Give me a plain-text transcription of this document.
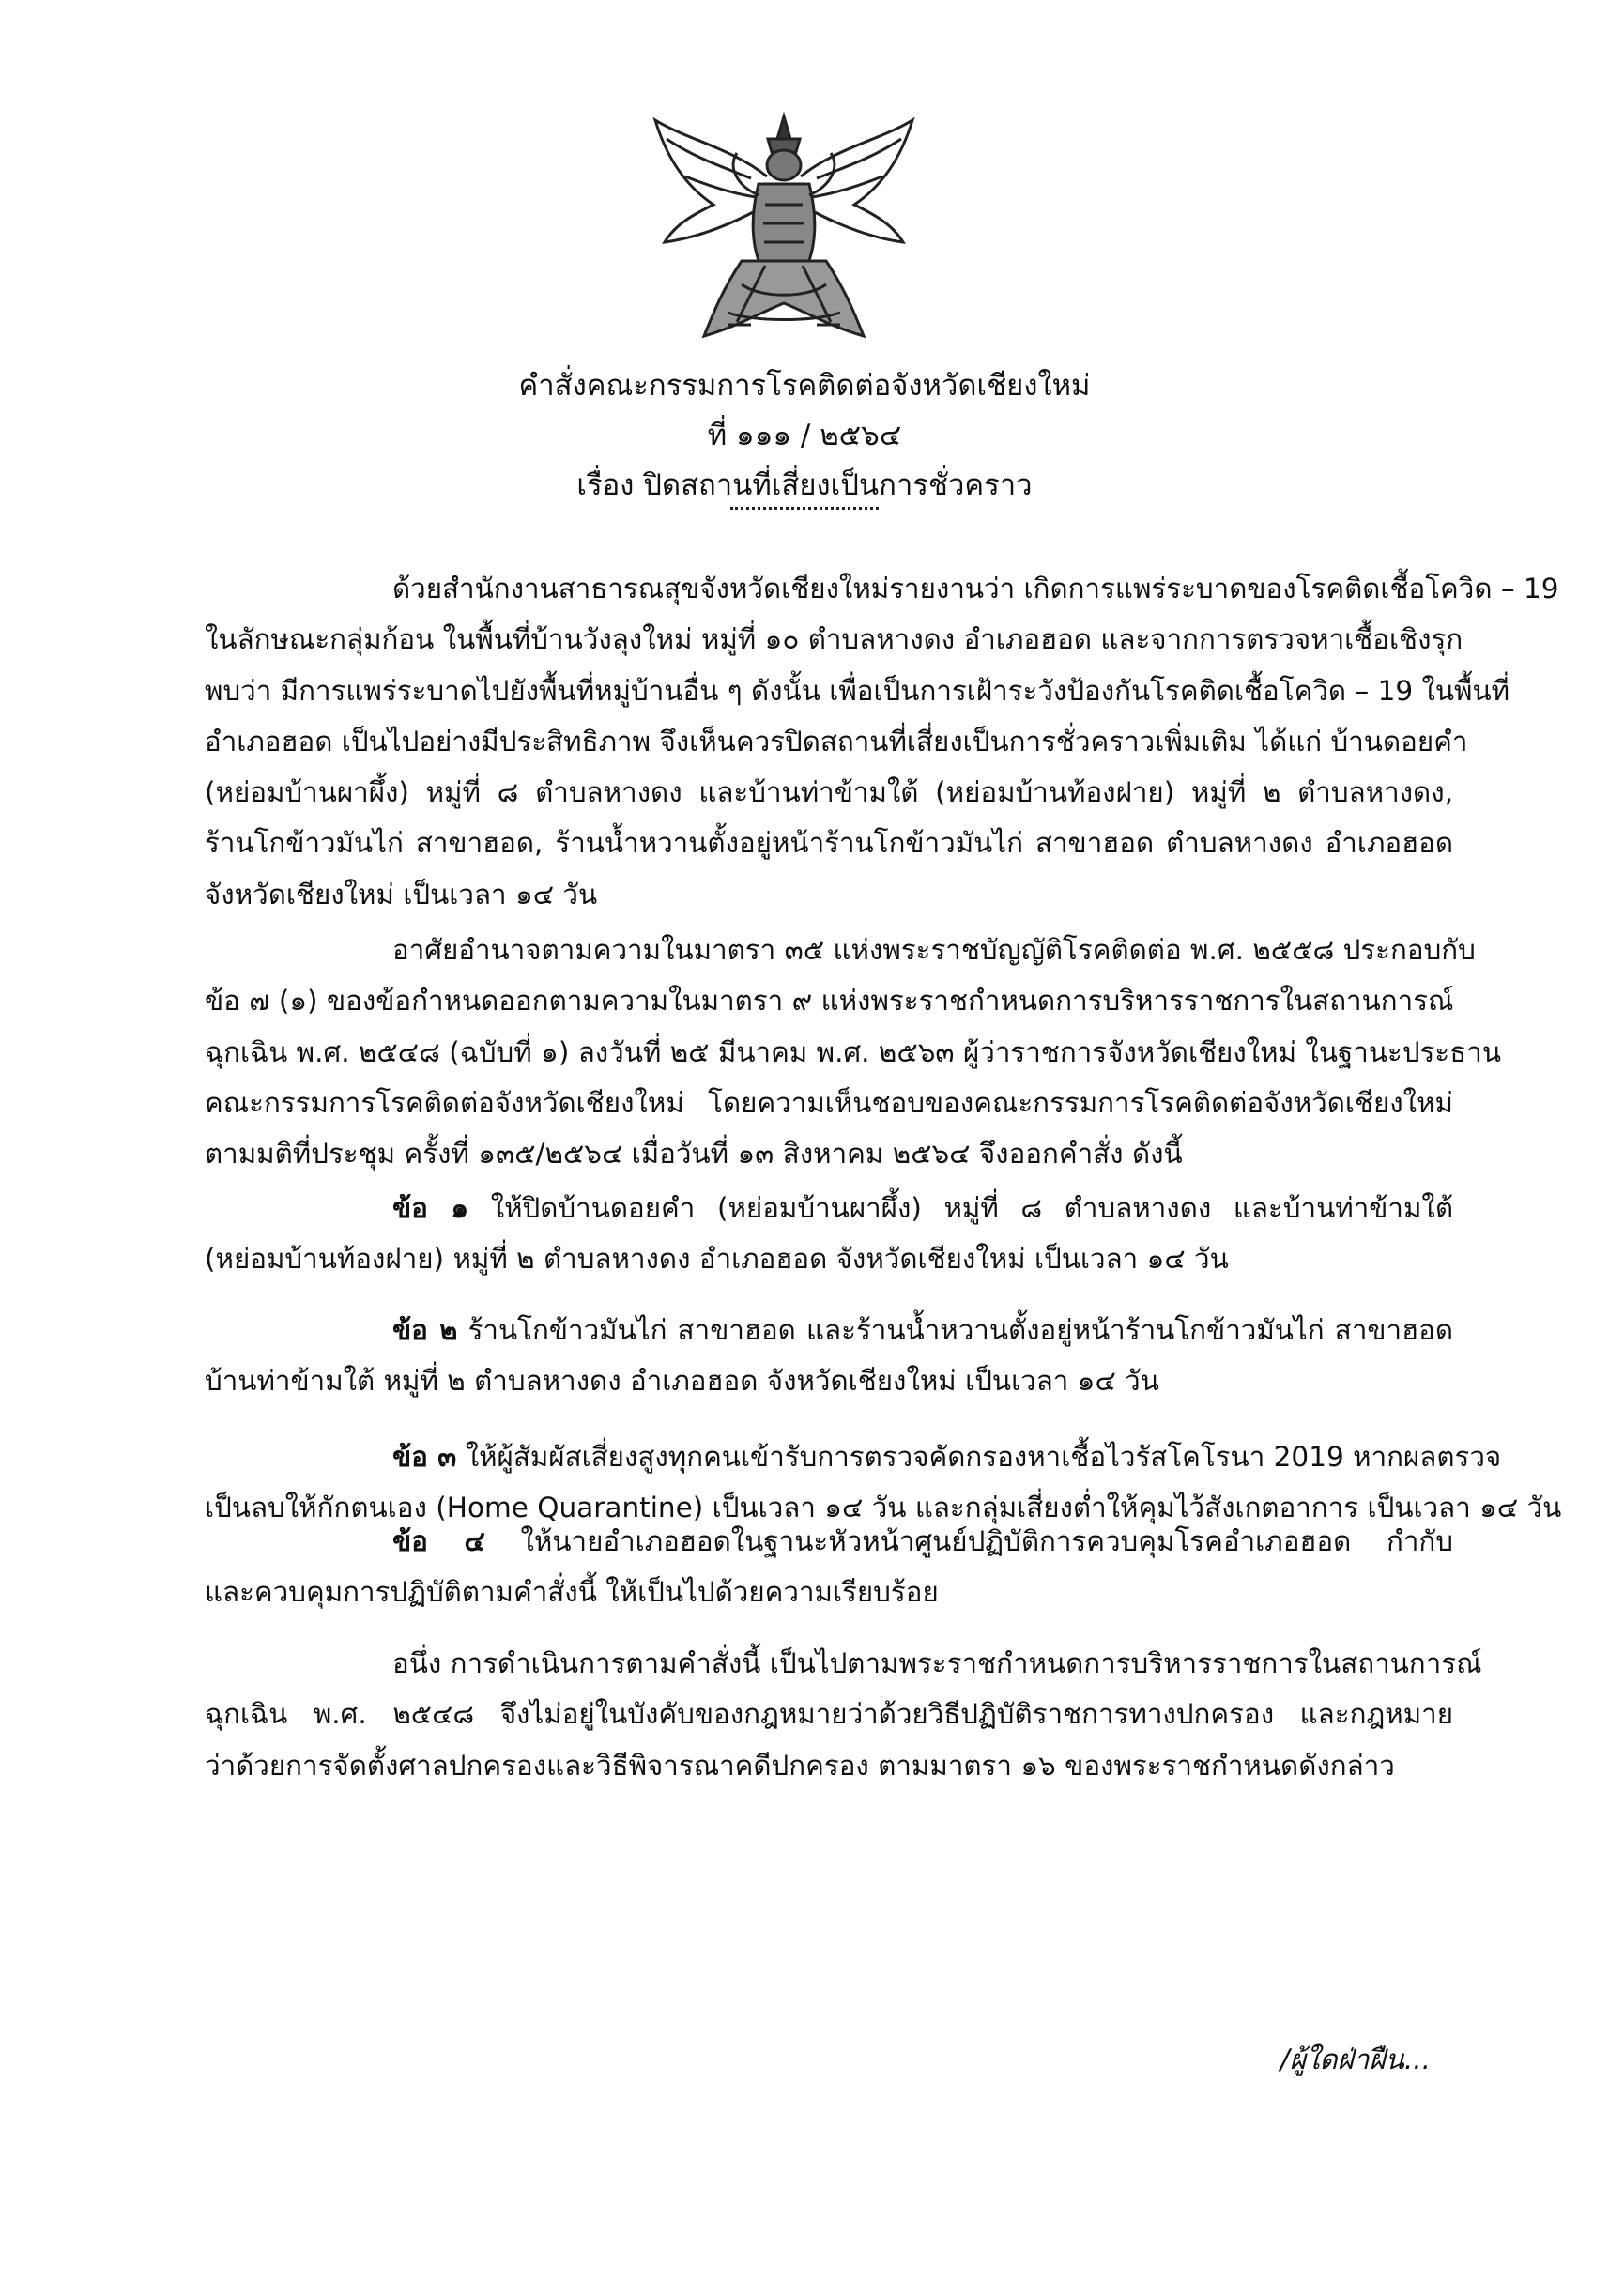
คำสั่งคณะกรรมการโรคติดต่อจังหวัดเชียงใหม่
ที่ ๑๑๑ / ๒๕๖๔
เรื่อง ปิดสถานที่เสี่ยงเป็นการชั่วคราว

ด้วยสำนักงานสาธารณสุขจังหวัดเชียงใหม่รายงานว่า เกิดการแพร่ระบาดของโรคติดเชื้อโควิด – 19
ในลักษณะกลุ่มก้อน ในพื้นที่บ้านวังลุงใหม่ หมู่ที่ ๑๐ ตำบลหางดง อำเภอฮอด และจากการตรวจหาเชื้อเชิงรุก
พบว่า มีการแพร่ระบาดไปยังพื้นที่หมู่บ้านอื่น ๆ ดังนั้น เพื่อเป็นการเฝ้าระวังป้องกันโรคติดเชื้อโควิด – 19 ในพื้นที่
อำเภอฮอด เป็นไปอย่างมีประสิทธิภาพ จึงเห็นควรปิดสถานที่เสี่ยงเป็นการชั่วคราวเพิ่มเติม ได้แก่ บ้านดอยคำ
(หย่อมบ้านผาผึ้ง) หมู่ที่ ๘ ตำบลหางดง และบ้านท่าข้ามใต้ (หย่อมบ้านท้องฝาย) หมู่ที่ ๒ ตำบลหางดง,
ร้านโกข้าวมันไก่ สาขาฮอด, ร้านน้ำหวานตั้งอยู่หน้าร้านโกข้าวมันไก่ สาขาฮอด ตำบลหางดง อำเภอฮอด
จังหวัดเชียงใหม่ เป็นเวลา ๑๔ วัน

อาศัยอำนาจตามความในมาตรา ๓๕ แห่งพระราชบัญญัติโรคติดต่อ พ.ศ. ๒๕๕๘ ประกอบกับ
ข้อ ๗ (๑) ของข้อกำหนดออกตามความในมาตรา ๙ แห่งพระราชกำหนดการบริหารราชการในสถานการณ์
ฉุกเฉิน พ.ศ. ๒๕๔๘ (ฉบับที่ ๑) ลงวันที่ ๒๕ มีนาคม พ.ศ. ๒๕๖๓ ผู้ว่าราชการจังหวัดเชียงใหม่ ในฐานะประธาน
คณะกรรมการโรคติดต่อจังหวัดเชียงใหม่ โดยความเห็นชอบของคณะกรรมการโรคติดต่อจังหวัดเชียงใหม่
ตามมติที่ประชุม ครั้งที่ ๑๓๕/๒๕๖๔ เมื่อวันที่ ๑๓ สิงหาคม ๒๕๖๔ จึงออกคำสั่ง ดังนี้

ข้อ ๑ ให้ปิดบ้านดอยคำ (หย่อมบ้านผาผึ้ง) หมู่ที่ ๘ ตำบลหางดง และบ้านท่าข้ามใต้
(หย่อมบ้านท้องฝาย) หมู่ที่ ๒ ตำบลหางดง อำเภอฮอด จังหวัดเชียงใหม่ เป็นเวลา ๑๔ วัน

ข้อ ๒ ร้านโกข้าวมันไก่ สาขาฮอด และร้านน้ำหวานตั้งอยู่หน้าร้านโกข้าวมันไก่ สาขาฮอด
บ้านท่าข้ามใต้ หมู่ที่ ๒ ตำบลหางดง อำเภอฮอด จังหวัดเชียงใหม่ เป็นเวลา ๑๔ วัน

ข้อ ๓ ให้ผู้สัมผัสเสี่ยงสูงทุกคนเข้ารับการตรวจคัดกรองหาเชื้อไวรัสโคโรนา 2019 หากผลตรวจ
เป็นลบให้กักตนเอง (Home Quarantine) เป็นเวลา ๑๔ วัน และกลุ่มเสี่ยงต่ำให้คุมไว้สังเกตอาการ เป็นเวลา ๑๔ วัน

ข้อ ๔ ให้นายอำเภอฮอดในฐานะหัวหน้าศูนย์ปฏิบัติการควบคุมโรคอำเภอฮอด กำกับ
และควบคุมการปฏิบัติตามคำสั่งนี้ ให้เป็นไปด้วยความเรียบร้อย

อนึ่ง การดำเนินการตามคำสั่งนี้ เป็นไปตามพระราชกำหนดการบริหารราชการในสถานการณ์
ฉุกเฉิน พ.ศ. ๒๕๔๘ จึงไม่อยู่ในบังคับของกฎหมายว่าด้วยวิธีปฏิบัติราชการทางปกครอง และกฎหมาย
ว่าด้วยการจัดตั้งศาลปกครองและวิธีพิจารณาคดีปกครอง ตามมาตรา ๑๖ ของพระราชกำหนดดังกล่าว

/ผู้ใดฝ่าฝืน...
